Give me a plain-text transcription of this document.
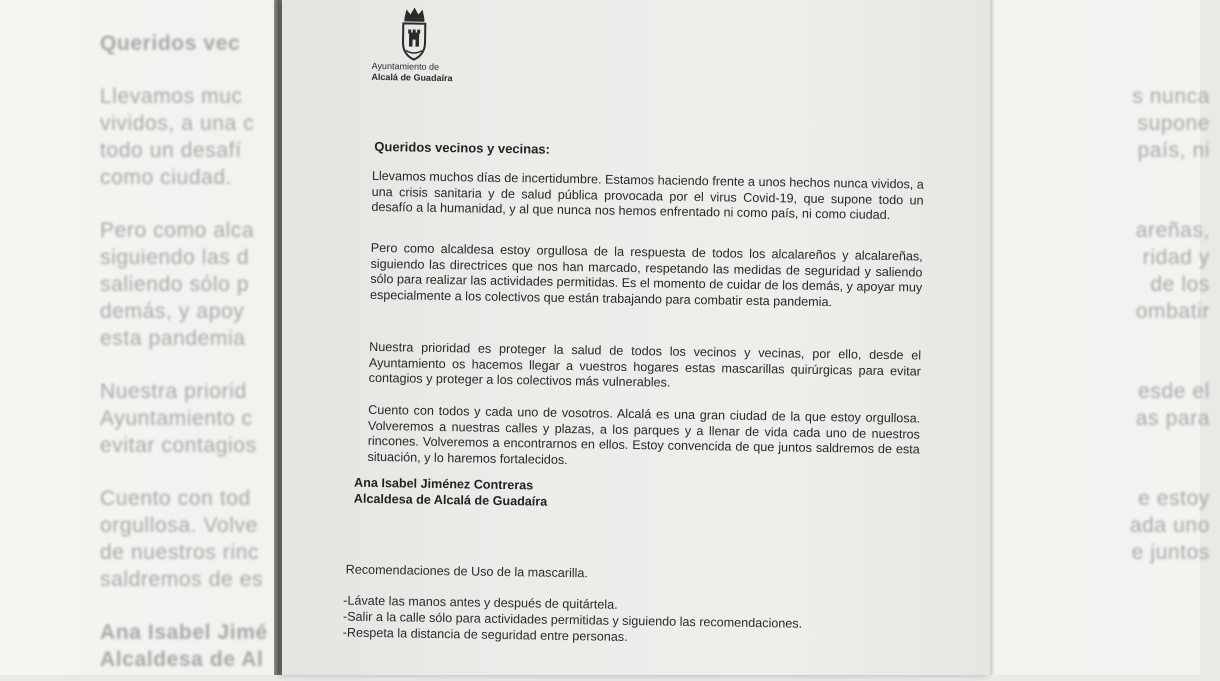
Queridos vec
Llevamos muc
vividos, a una c
todo un desafí
como ciudad.
Pero como alca
siguiendo las d
saliendo sólo p
demás, y apoy
esta pandemia
Nuestra priorid
Ayuntamiento c
evitar contagios
Cuento con tod
orgullosa. Volve
de nuestros rinc
saldremos de es
Ana Isabel Jimé
Alcaldesa de Al

s nunca
supone
país, ni

areñas,
ridad y
de los
ombatir

esde el
as para

e estoy
ada uno
e juntos

Ayuntamiento de
Alcalá de Guadaíra
Queridos vecinos y vecinas:

Llevamos muchos días de incertidumbre. Estamos haciendo frente a unos hechos nunca vividos, a una crisis sanitaria y de salud pública provocada por el virus Covid-19, que supone todo un desafío a la humanidad, y al que nunca nos hemos enfrentado ni como país, ni como ciudad.

Pero como alcaldesa estoy orgullosa de la respuesta de todos los alcalareños y alcalareñas, siguiendo las directrices que nos han marcado, respetando las medidas de seguridad y saliendo sólo para realizar las actividades permitidas. Es el momento de cuidar de los demás, y apoyar muy especialmente a los colectivos que están trabajando para combatir esta pandemia.

Nuestra prioridad es proteger la salud de todos los vecinos y vecinas, por ello, desde el Ayuntamiento os hacemos llegar a vuestros hogares estas mascarillas quirúrgicas para evitar contagios y proteger a los colectivos más vulnerables.

Cuento con todos y cada uno de vosotros. Alcalá es una gran ciudad de la que estoy orgullosa. Volveremos a nuestras calles y plazas, a los parques y a llenar de vida cada uno de nuestros rincones. Volveremos a encontrarnos en ellos. Estoy convencida de que juntos saldremos de esta situación, y lo haremos fortalecidos.

Ana Isabel Jiménez Contreras
Alcaldesa de Alcalá de Guadaíra
Recomendaciones de Uso de la mascarilla.
-Lávate las manos antes y después de quitártela.
-Salir a la calle sólo para actividades permitidas y siguiendo las recomendaciones.
-Respeta la distancia de seguridad entre personas.
